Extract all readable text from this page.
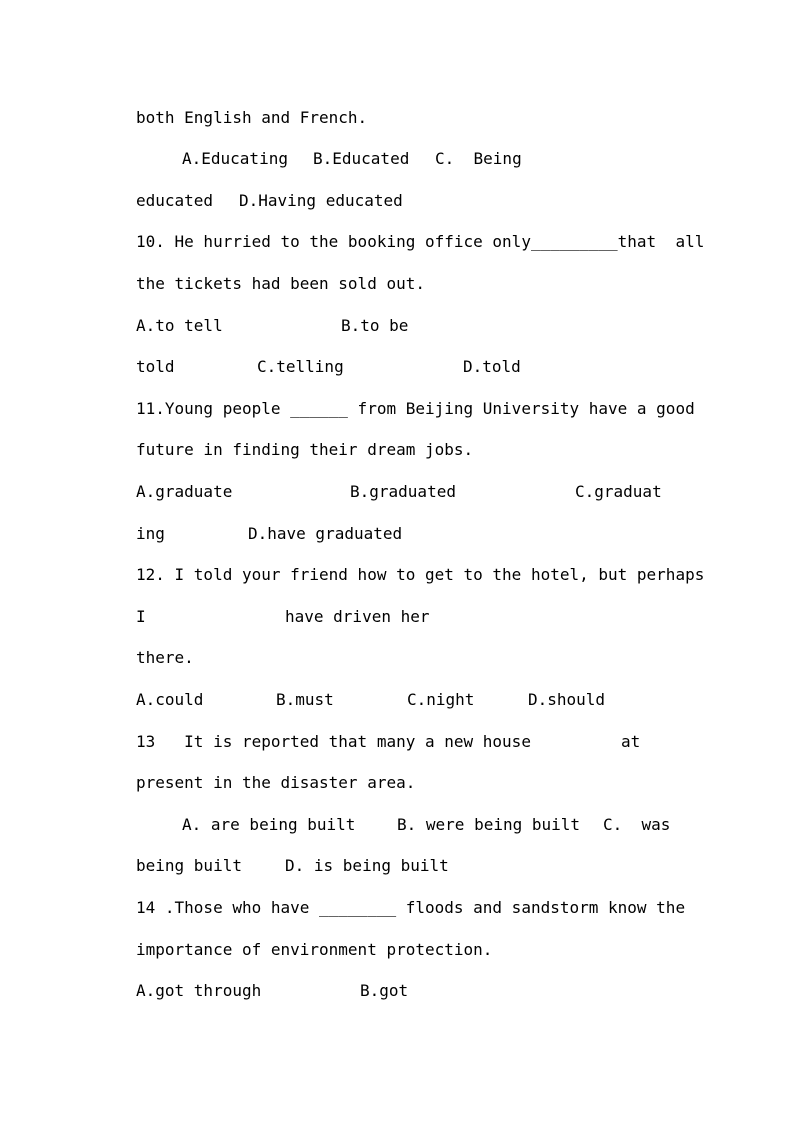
both English and French.

A.Educating

B.Educated

C.  Being

educated

D.Having educated

10. He hurried to the booking office only_________that  all

the tickets had been sold out.

A.to tell

	B.to be

told

	C.telling

	D.told

11.Young people ______ from Beijing University have a good

future in finding their dream jobs.

A.graduate

	B.graduated

	C.graduat

ing

	D.have graduated

12. I told your friend how to get to the hotel, but perhaps

I

	have driven her

there.

A.could

	B.must

	C.night

	D.should

13   It is reported that many a new house

	at

present in the disaster area.

A. are being built

	B. were being built

C.  was

being built

	D. is being built

14 .Those who have ________ floods and sandstorm know the

importance of environment protection.

A.got through

	B.got
